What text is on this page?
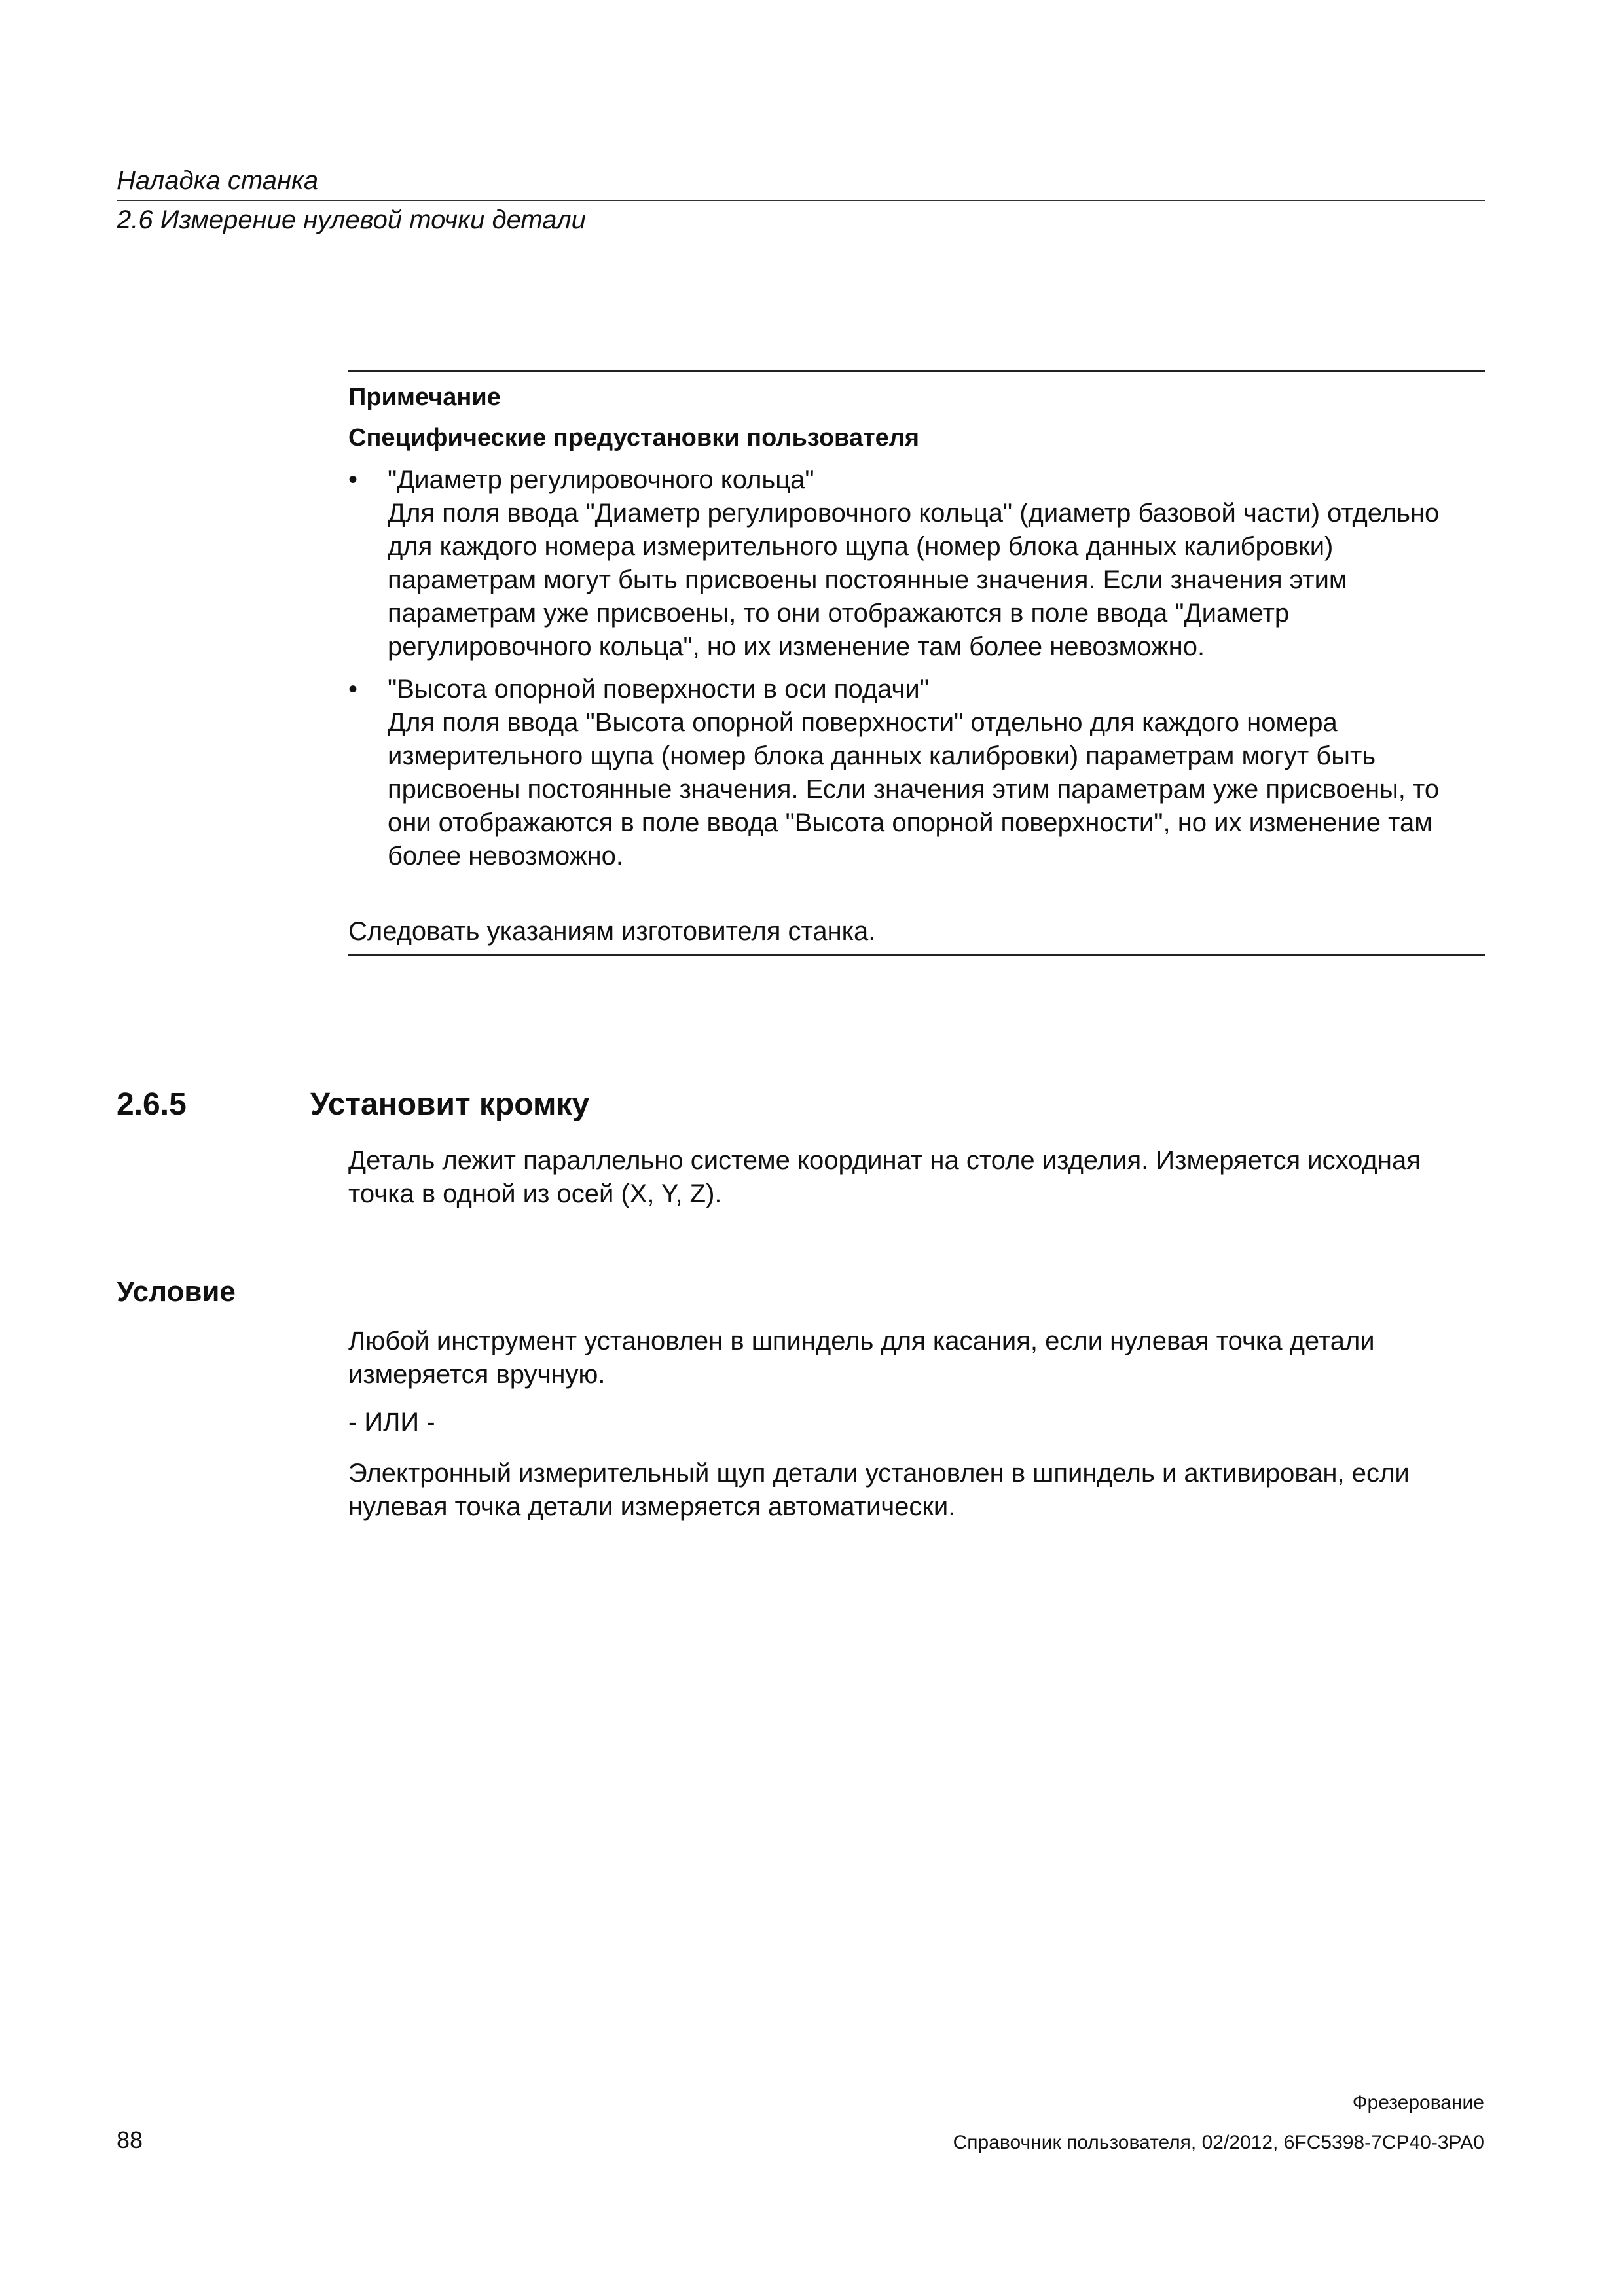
Наладка станка
2.6 Измерение нулевой точки детали
Примечание
Специфические предустановки пользователя
•	"Диаметр регулировочного кольца"
Для поля ввода "Диаметр регулировочного кольца" (диаметр базовой части) отдельно для каждого номера измерительного щупа (номер блока данных калибровки) параметрам могут быть присвоены постоянные значения. Если значения этим параметрам уже присвоены, то они отображаются в поле ввода "Диаметр регулировочного кольца", но их изменение там более невозможно.
•	"Высота опорной поверхности в оси подачи"
Для поля ввода "Высота опорной поверхности" отдельно для каждого номера измерительного щупа (номер блока данных калибровки) параметрам могут быть присвоены постоянные значения. Если значения этим параметрам уже присвоены, то они отображаются в поле ввода "Высота опорной поверхности", но их изменение там более невозможно.

Следовать указаниям изготовителя станка.

2.6.5	Установит кромку

Деталь лежит параллельно системе координат на столе изделия. Измеряется исходная точка в одной из осей (X, Y, Z).

Условие

Любой инструмент установлен в шпиндель для касания, если нулевая точка детали измеряется вручную.

- ИЛИ -

Электронный измерительный щуп детали установлен в шпиндель и активирован, если нулевая точка детали измеряется автоматически.

Фрезерование
88	Справочник пользователя, 02/2012, 6FC5398-7CP40-3PA0
